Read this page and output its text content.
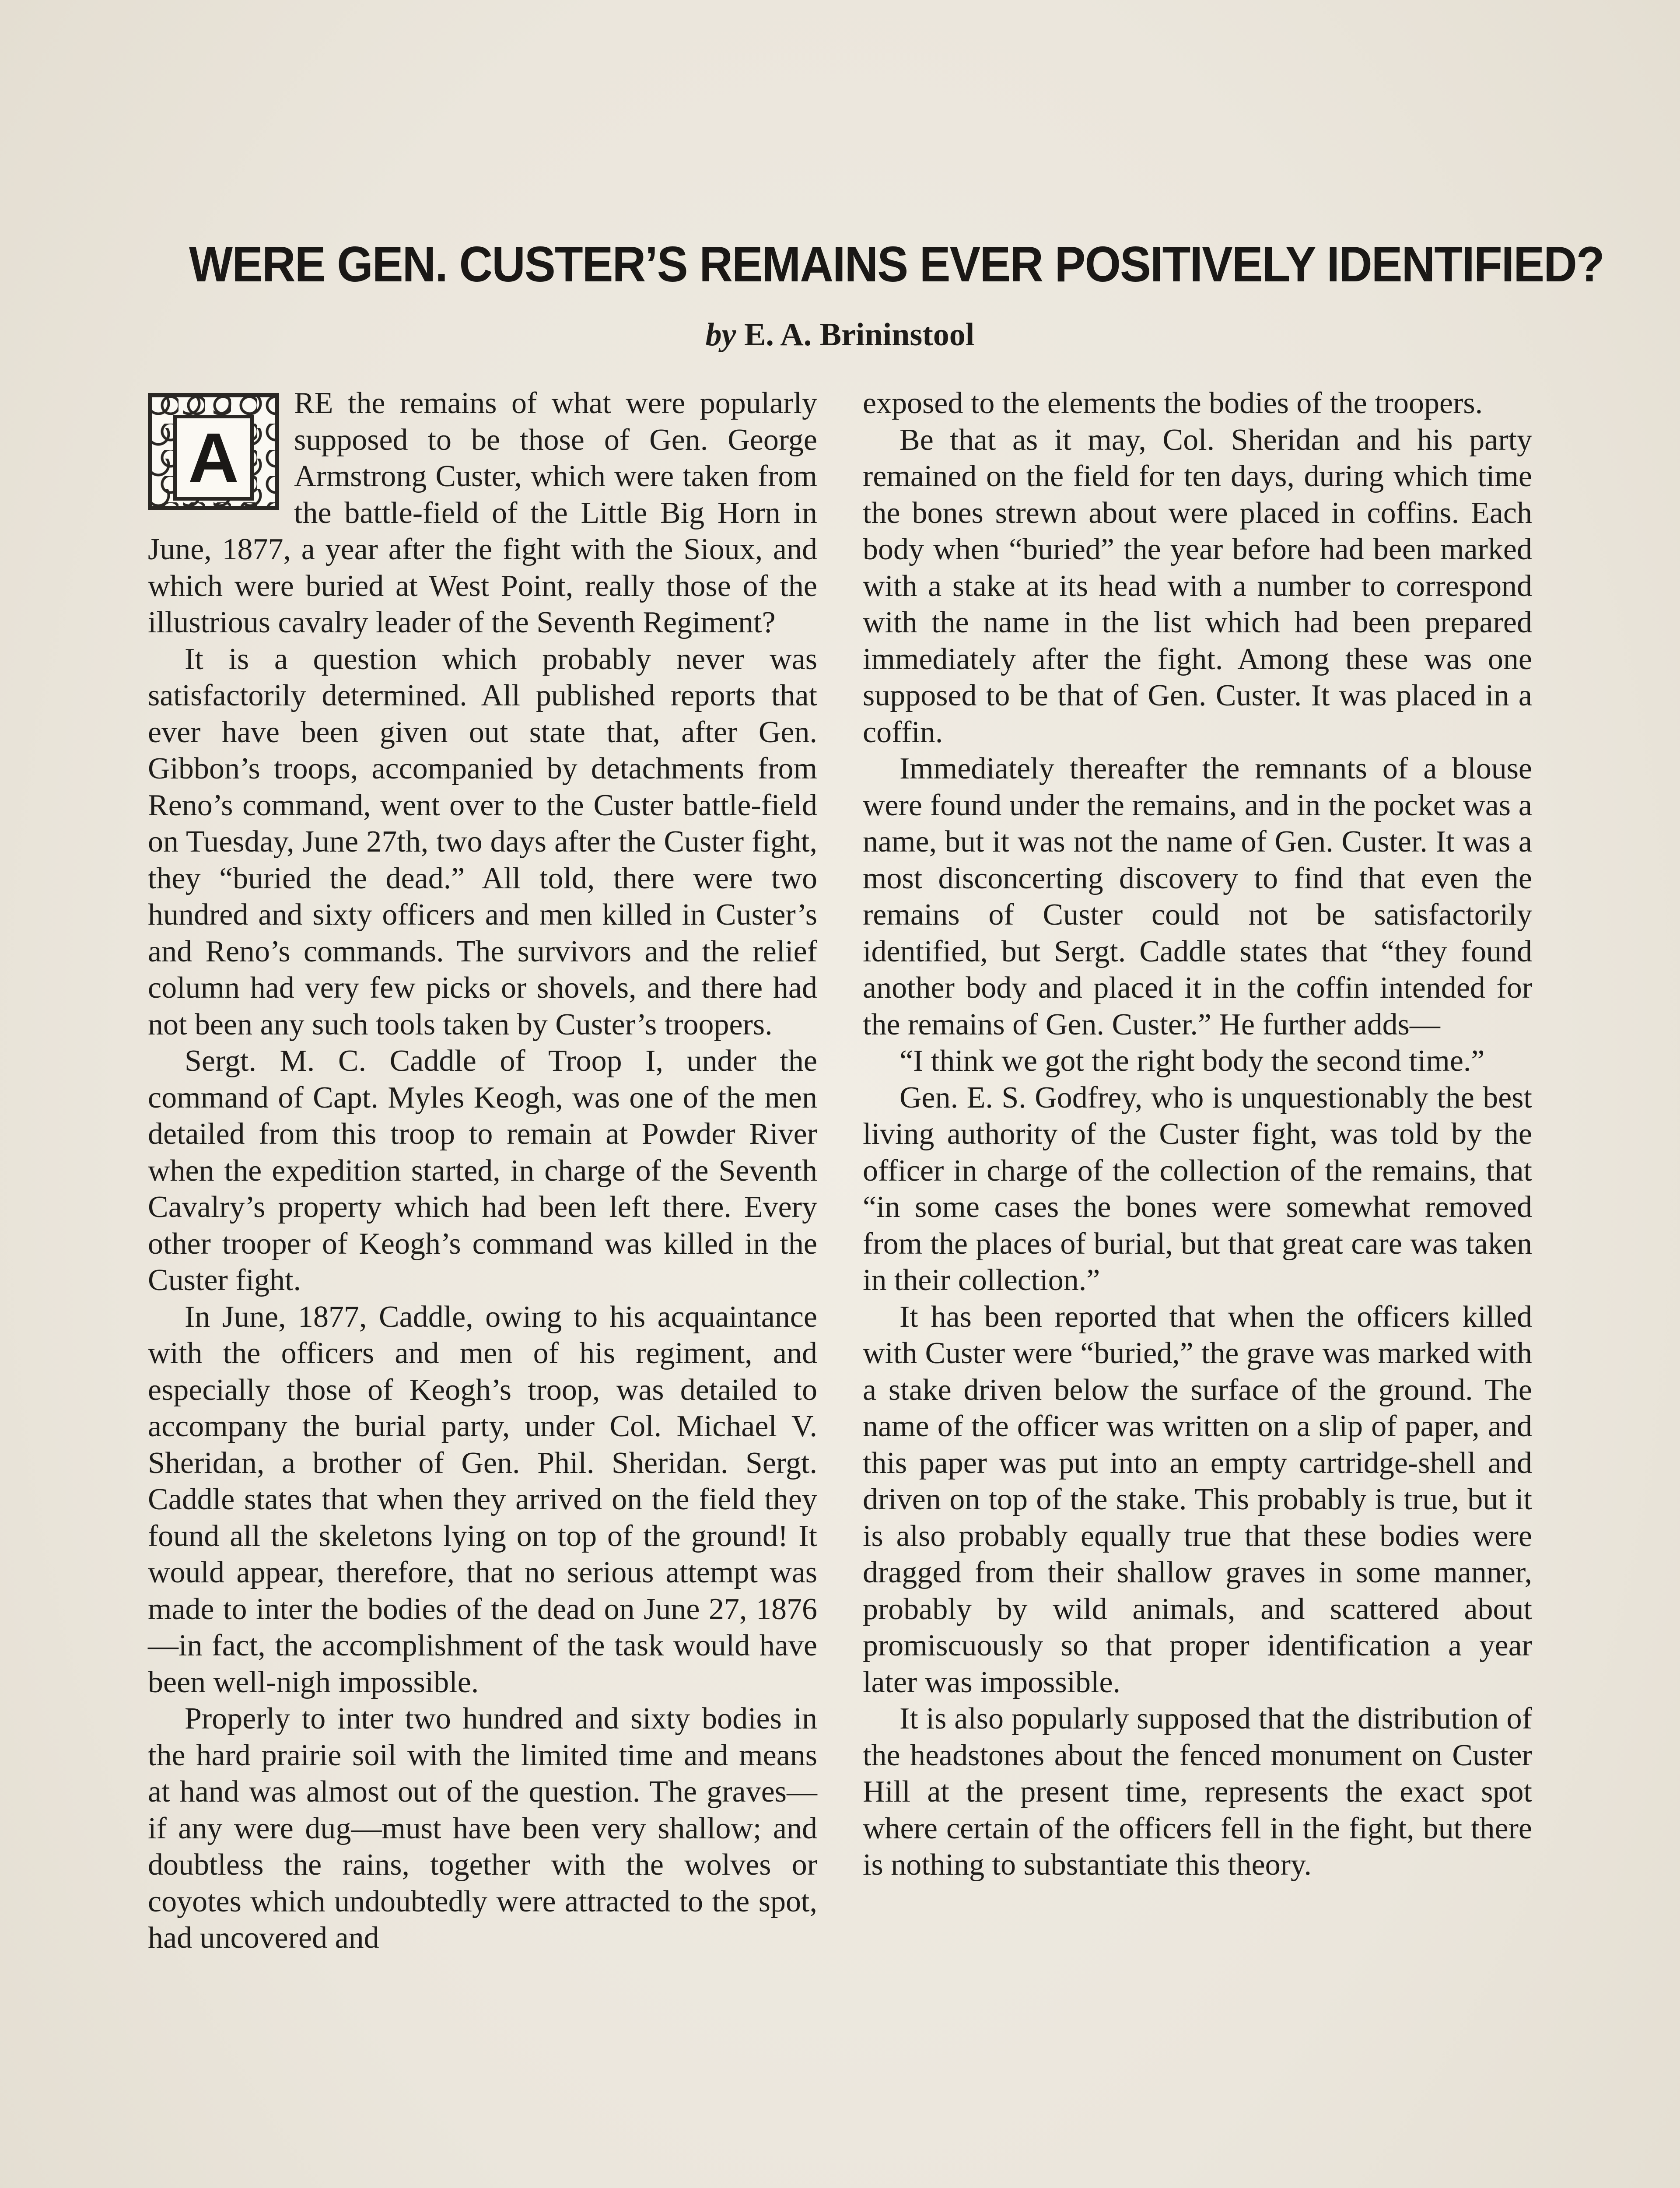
WERE GEN. CUSTER’S REMAINS EVER POSITIVELY IDENTIFIED?
by E. A. Brininstool
A

RE the remains of what were popularly supposed to be those of Gen. George Armstrong Custer, which were taken from the battle-field of the Little Big Horn in June, 1877, a year after the fight with the Sioux, and which were buried at West Point, really those of the illustrious cavalry leader of the Seventh Regiment?

It is a question which probably never was satisfactorily determined. All published reports that ever have been given out state that, after Gen. Gibbon’s troops, accompanied by detachments from Reno’s command, went over to the Custer battle-field on Tuesday, June 27th, two days after the Custer fight, they “buried the dead.” All told, there were two hundred and sixty officers and men killed in Custer’s and Reno’s commands. The survivors and the relief column had very few picks or shovels, and there had not been any such tools taken by Custer’s troopers.

Sergt. M. C. Caddle of Troop I, under the command of Capt. Myles Keogh, was one of the men detailed from this troop to remain at Powder River when the expedition started, in charge of the Seventh Cavalry’s property which had been left there. Every other trooper of Keogh’s command was killed in the Custer fight.

In June, 1877, Caddle, owing to his acquaintance with the officers and men of his regiment, and especially those of Keogh’s troop, was detailed to accompany the burial party, under Col. Michael V. Sheridan, a brother of Gen. Phil. Sheridan. Sergt. Caddle states that when they arrived on the field they found all the skeletons lying on top of the ground! It would appear, therefore, that no serious attempt was made to inter the bodies of the dead on June 27, 1876—in fact, the accomplishment of the task would have been well-nigh impossible.

Properly to inter two hundred and sixty bodies in the hard prairie soil with the limited time and means at hand was almost out of the question. The graves—if any were dug—must have been very shallow; and doubtless the rains, together with the wolves or coyotes which undoubtedly were attracted to the spot, had uncovered and

exposed to the elements the bodies of the troopers.

Be that as it may, Col. Sheridan and his party remained on the field for ten days, during which time the bones strewn about were placed in coffins. Each body when “buried” the year before had been marked with a stake at its head with a number to correspond with the name in the list which had been prepared immediately after the fight. Among these was one supposed to be that of Gen. Custer. It was placed in a coffin.

Immediately thereafter the remnants of a blouse were found under the remains, and in the pocket was a name, but it was not the name of Gen. Custer. It was a most disconcerting discovery to find that even the remains of Custer could not be satisfactorily identified, but Sergt. Caddle states that “they found another body and placed it in the coffin intended for the remains of Gen. Custer.” He further adds—

“I think we got the right body the second time.”

Gen. E. S. Godfrey, who is unquestionably the best living authority of the Custer fight, was told by the officer in charge of the collection of the remains, that “in some cases the bones were somewhat removed from the places of burial, but that great care was taken in their collection.”

It has been reported that when the officers killed with Custer were “buried,” the grave was marked with a stake driven below the surface of the ground. The name of the officer was written on a slip of paper, and this paper was put into an empty cartridge-shell and driven on top of the stake. This probably is true, but it is also probably equally true that these bodies were dragged from their shallow graves in some manner, probably by wild animals, and scattered about promiscuously so that proper identification a year later was impossible.

It is also popularly supposed that the distribution of the headstones about the fenced monument on Custer Hill at the present time, represents the exact spot where certain of the officers fell in the fight, but there is nothing to substantiate this theory.
